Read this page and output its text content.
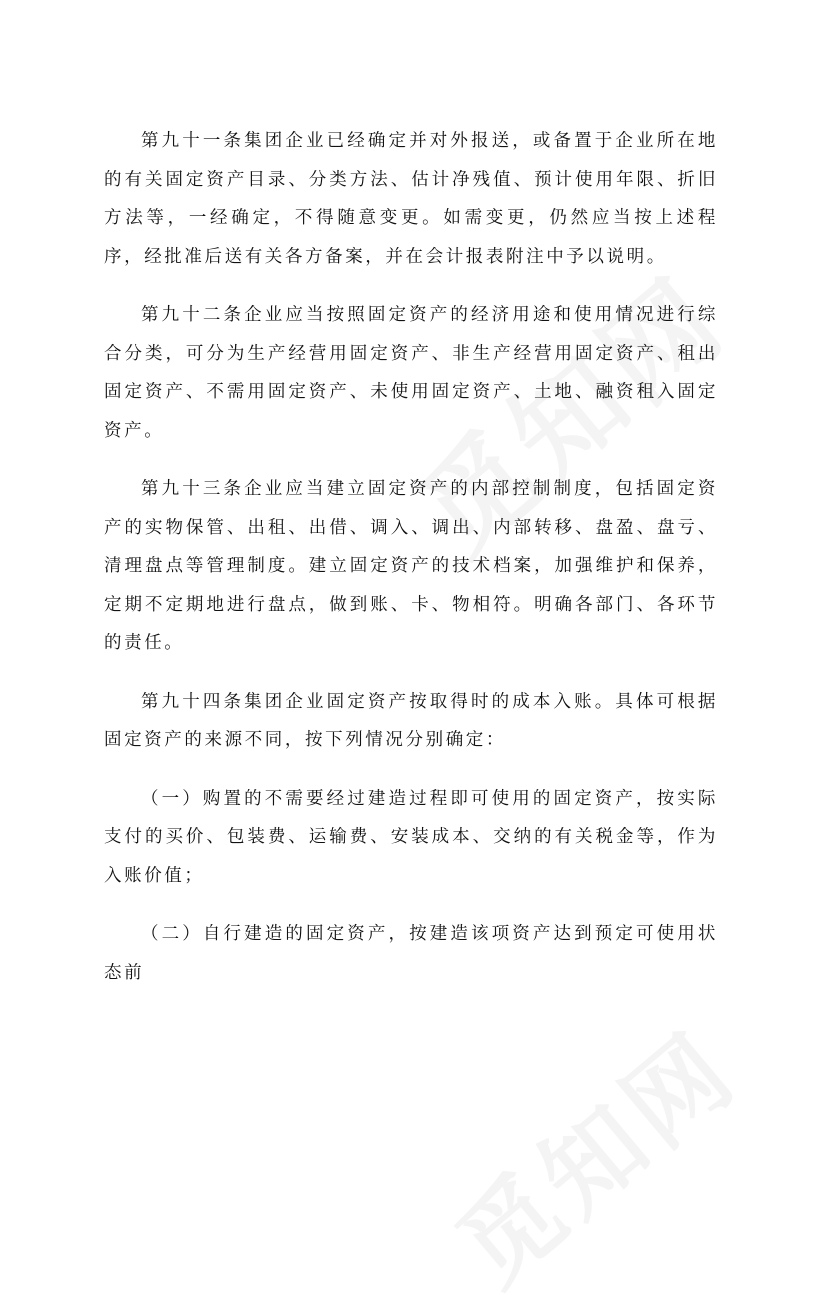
第九十一条集团企业已经确定并对外报送，或备置于企业所在地的有关固定资产目录、分类方法、估计净残值、预计使用年限、折旧方法等，一经确定，不得随意变更。如需变更，仍然应当按上述程序，经批准后送有关各方备案，并在会计报表附注中予以说明。

第九十二条企业应当按照固定资产的经济用途和使用情况进行综合分类，可分为生产经营用固定资产、非生产经营用固定资产、租出固定资产、不需用固定资产、未使用固定资产、土地、融资租入固定资产。

第九十三条企业应当建立固定资产的内部控制制度，包括固定资产的实物保管、出租、出借、调入、调出、内部转移、盘盈、盘亏、清理盘点等管理制度。建立固定资产的技术档案，加强维护和保养，定期不定期地进行盘点，做到账、卡、物相符。明确各部门、各环节的责任。

第九十四条集团企业固定资产按取得时的成本入账。具体可根据固定资产的来源不同，按下列情况分别确定：

（一）购置的不需要经过建造过程即可使用的固定资产，按实际支付的买价、包装费、运输费、安装成本、交纳的有关税金等，作为入账价值；

（二）自行建造的固定资产，按建造该项资产达到预定可使用状态前
